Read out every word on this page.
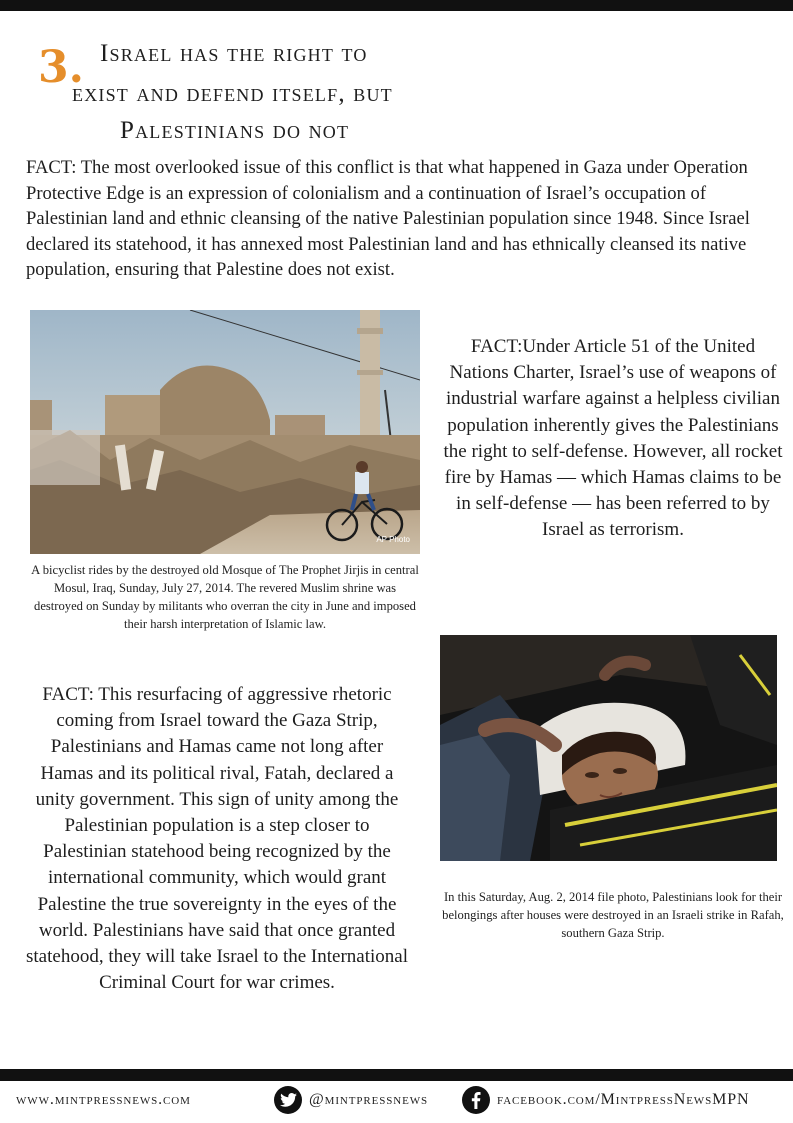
3. Israel has the right to
exist and defend itself, but
Palestinians do not

FACT: The most overlooked issue of this conflict is that what happened in Gaza under Operation Protective Edge is an expression of colonialism and a continuation of Israel’s occupation of Palestinian land and ethnic cleansing of the native Palestinian population since 1948. Since Israel declared its statehood, it has annexed most Palestinian land and has ethnically cleansed its native population, ensuring that Palestine does not exist.

AP Photo
A bicyclist rides by the destroyed old Mosque of The Prophet Jirjis in central Mosul, Iraq, Sunday, July 27, 2014. The revered Muslim shrine was destroyed on Sunday by militants who overran the city in June and imposed their harsh interpretation of Islamic law.
FACT:Under Article 51 of the United Nations Charter, Israel’s use of weapons of industrial warfare against a helpless civilian population inherently gives the Palestinians the right to self-defense. However, all rocket fire by Hamas — which Hamas claims to be in self-defense — has been referred to by Israel as terrorism.
FACT: This resurfacing of aggressive rhetoric coming from Israel toward the Gaza Strip, Palestinians and Hamas came not long after Hamas and its political rival, Fatah, declared a unity government. This sign of unity among the Palestinian population is a step closer to Palestinian statehood being recognized by the international community, which would grant Palestine the true sovereignty in the eyes of the world. Palestinians have said that once granted statehood, they will take Israel to the International Criminal Court for war crimes.
In this Saturday, Aug. 2, 2014 file photo, Palestinians look for their belongings after houses were destroyed in an Israeli strike in Rafah, southern Gaza Strip.
www.mintpressnews.com	@mintpressnews	facebook.com/MintpressNewsMPN
